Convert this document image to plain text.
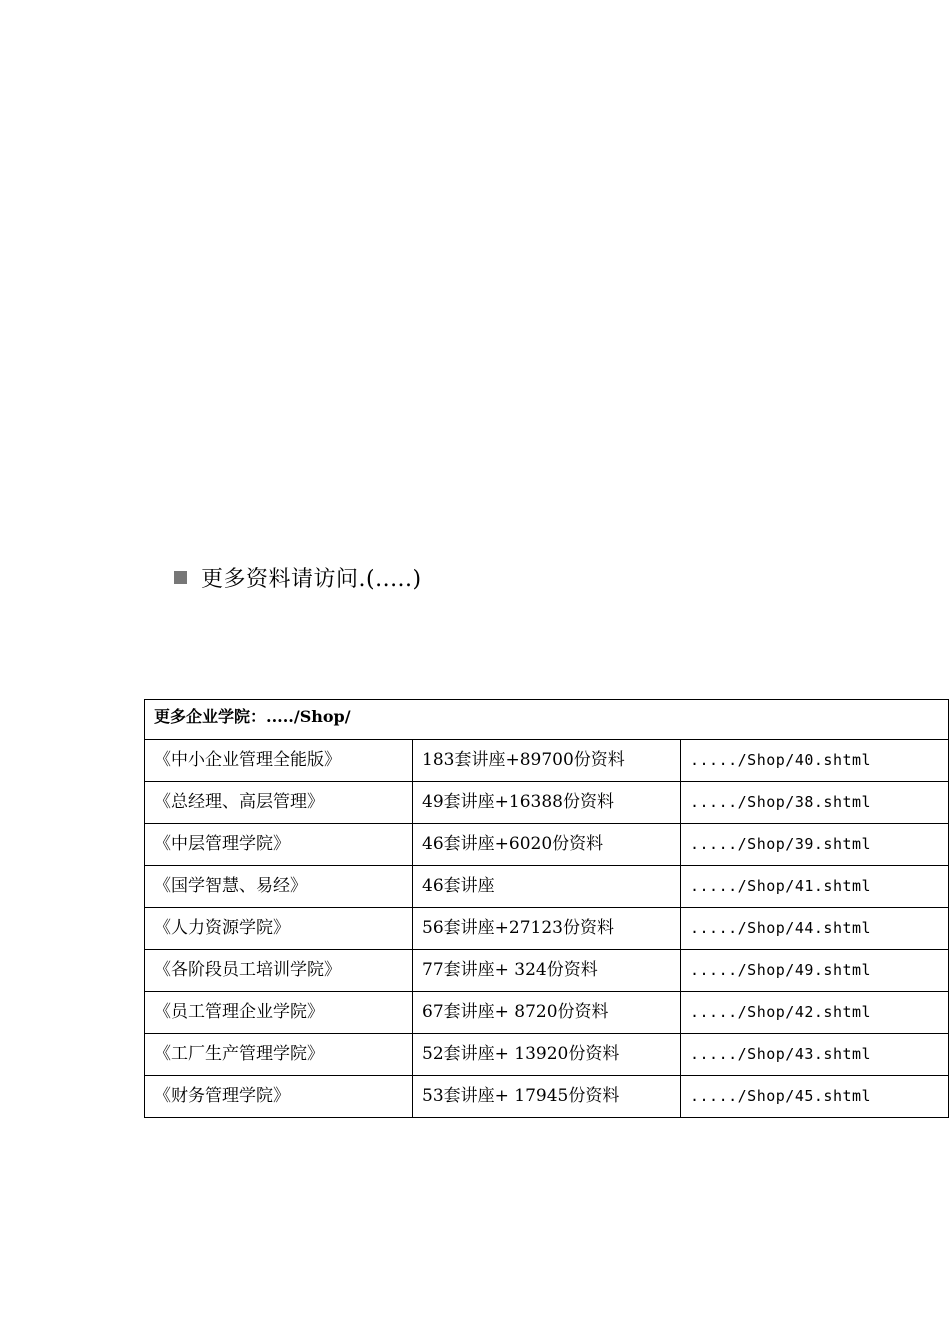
更多资料请访问.(.....)
更多企业学院：...../Shop/		
《中小企业管理全能版》	183套讲座+89700份资料	...../Shop/40.shtml
《总经理、高层管理》	49套讲座+16388份资料	...../Shop/38.shtml
《中层管理学院》	46套讲座+6020份资料	...../Shop/39.shtml
《国学智慧、易经》	46套讲座	...../Shop/41.shtml
《人力资源学院》	56套讲座+27123份资料	...../Shop/44.shtml
《各阶段员工培训学院》	77套讲座+ 324份资料	...../Shop/49.shtml
《员工管理企业学院》	67套讲座+ 8720份资料	...../Shop/42.shtml
《工厂生产管理学院》	52套讲座+ 13920份资料	...../Shop/43.shtml
《财务管理学院》	53套讲座+ 17945份资料	...../Shop/45.shtml
